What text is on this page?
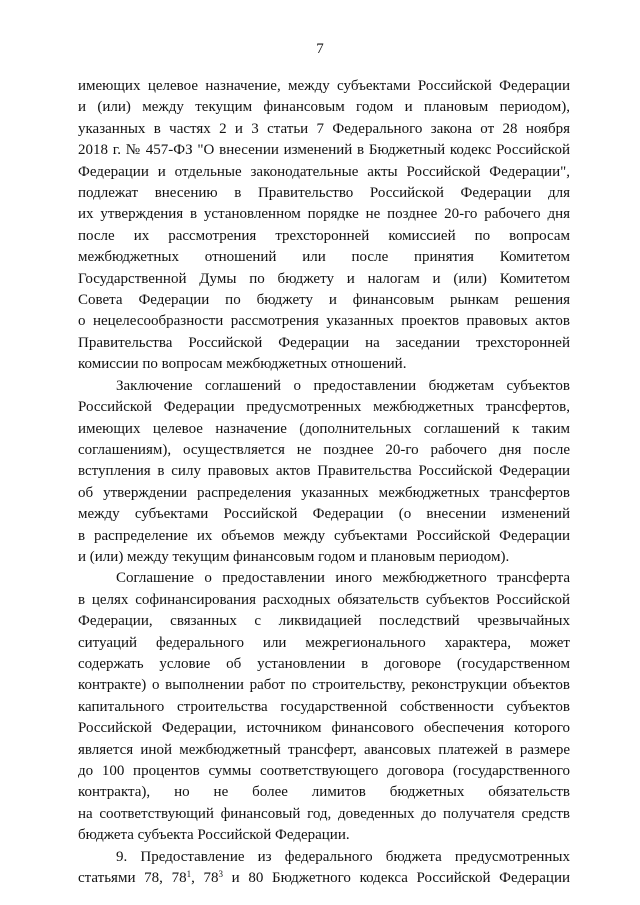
7

имеющих целевое назначение, между субъектами Российской Федерации
и (или) между текущим финансовым годом и плановым периодом),
указанных в частях 2 и 3 статьи 7 Федерального закона от 28 ноября
2018 г. № 457-ФЗ "О внесении изменений в Бюджетный кодекс Российской
Федерации и отдельные законодательные акты Российской Федерации",
подлежат внесению в Правительство Российской Федерации для
их утверждения в установленном порядке не позднее 20-го рабочего дня
после их рассмотрения трехсторонней комиссией по вопросам
межбюджетных отношений или после принятия Комитетом
Государственной Думы по бюджету и налогам и (или) Комитетом
Совета Федерации по бюджету и финансовым рынкам решения
о нецелесообразности рассмотрения указанных проектов правовых актов
Правительства Российской Федерации на заседании трехсторонней
комиссии по вопросам межбюджетных отношений.

Заключение соглашений о предоставлении бюджетам субъектов
Российской Федерации предусмотренных межбюджетных трансфертов,
имеющих целевое назначение (дополнительных соглашений к таким
соглашениям), осуществляется не позднее 20-го рабочего дня после
вступления в силу правовых актов Правительства Российской Федерации
об утверждении распределения указанных межбюджетных трансфертов
между субъектами Российской Федерации (о внесении изменений
в распределение их объемов между субъектами Российской Федерации
и (или) между текущим финансовым годом и плановым периодом).

Соглашение о предоставлении иного межбюджетного трансферта
в целях софинансирования расходных обязательств субъектов Российской
Федерации, связанных с ликвидацией последствий чрезвычайных
ситуаций федерального или межрегионального характера, может
содержать условие об установлении в договоре (государственном
контракте) о выполнении работ по строительству, реконструкции объектов
капитального строительства государственной собственности субъектов
Российской Федерации, источником финансового обеспечения которого
является иной межбюджетный трансферт, авансовых платежей в размере
до 100 процентов суммы соответствующего договора (государственного
контракта), но не более лимитов бюджетных обязательств
на соответствующий финансовый год, доведенных до получателя средств
бюджета субъекта Российской Федерации.

9. Предоставление из федерального бюджета предусмотренных
статьями 78, $78^1$, $78^3$ и 80 Бюджетного кодекса Российской Федерации
